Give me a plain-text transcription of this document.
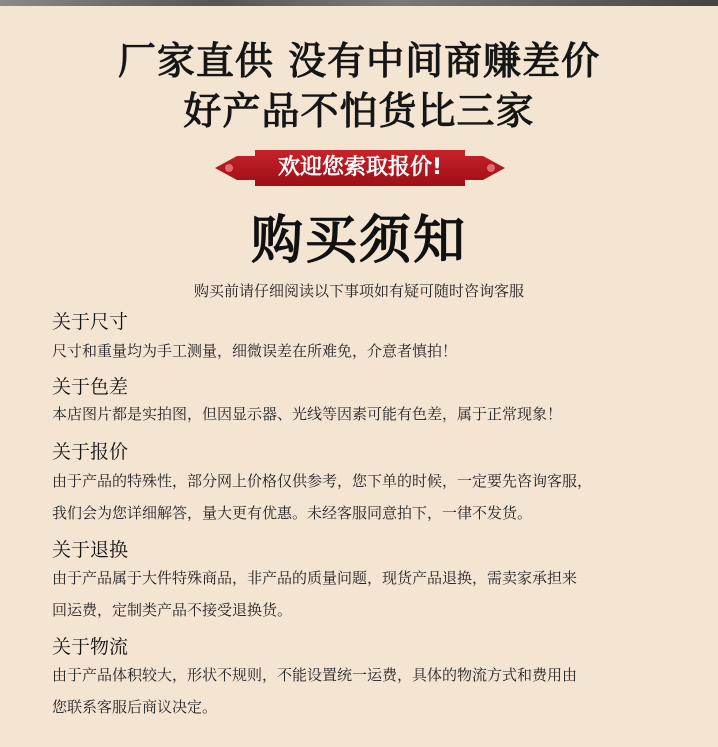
厂家直供 没有中间商赚差价
好产品不怕货比三家
欢迎您索取报价!
购买须知
购买前请仔细阅读以下事项如有疑可随时咨询客服
关于尺寸
尺寸和重量均为手工测量，细微误差在所难免，介意者慎拍！
关于色差
本店图片都是实拍图，但因显示器、光线等因素可能有色差，属于正常现象！
关于报价
由于产品的特殊性，部分网上价格仅供参考，您下单的时候，一定要先咨询客服，
我们会为您详细解答，量大更有优惠。未经客服同意拍下，一律不发货。
关于退换
由于产品属于大件特殊商品，非产品的质量问题，现货产品退换，需卖家承担来
回运费，定制类产品不接受退换货。
关于物流
由于产品体积较大，形状不规则，不能设置统一运费，具体的物流方式和费用由
您联系客服后商议决定。
